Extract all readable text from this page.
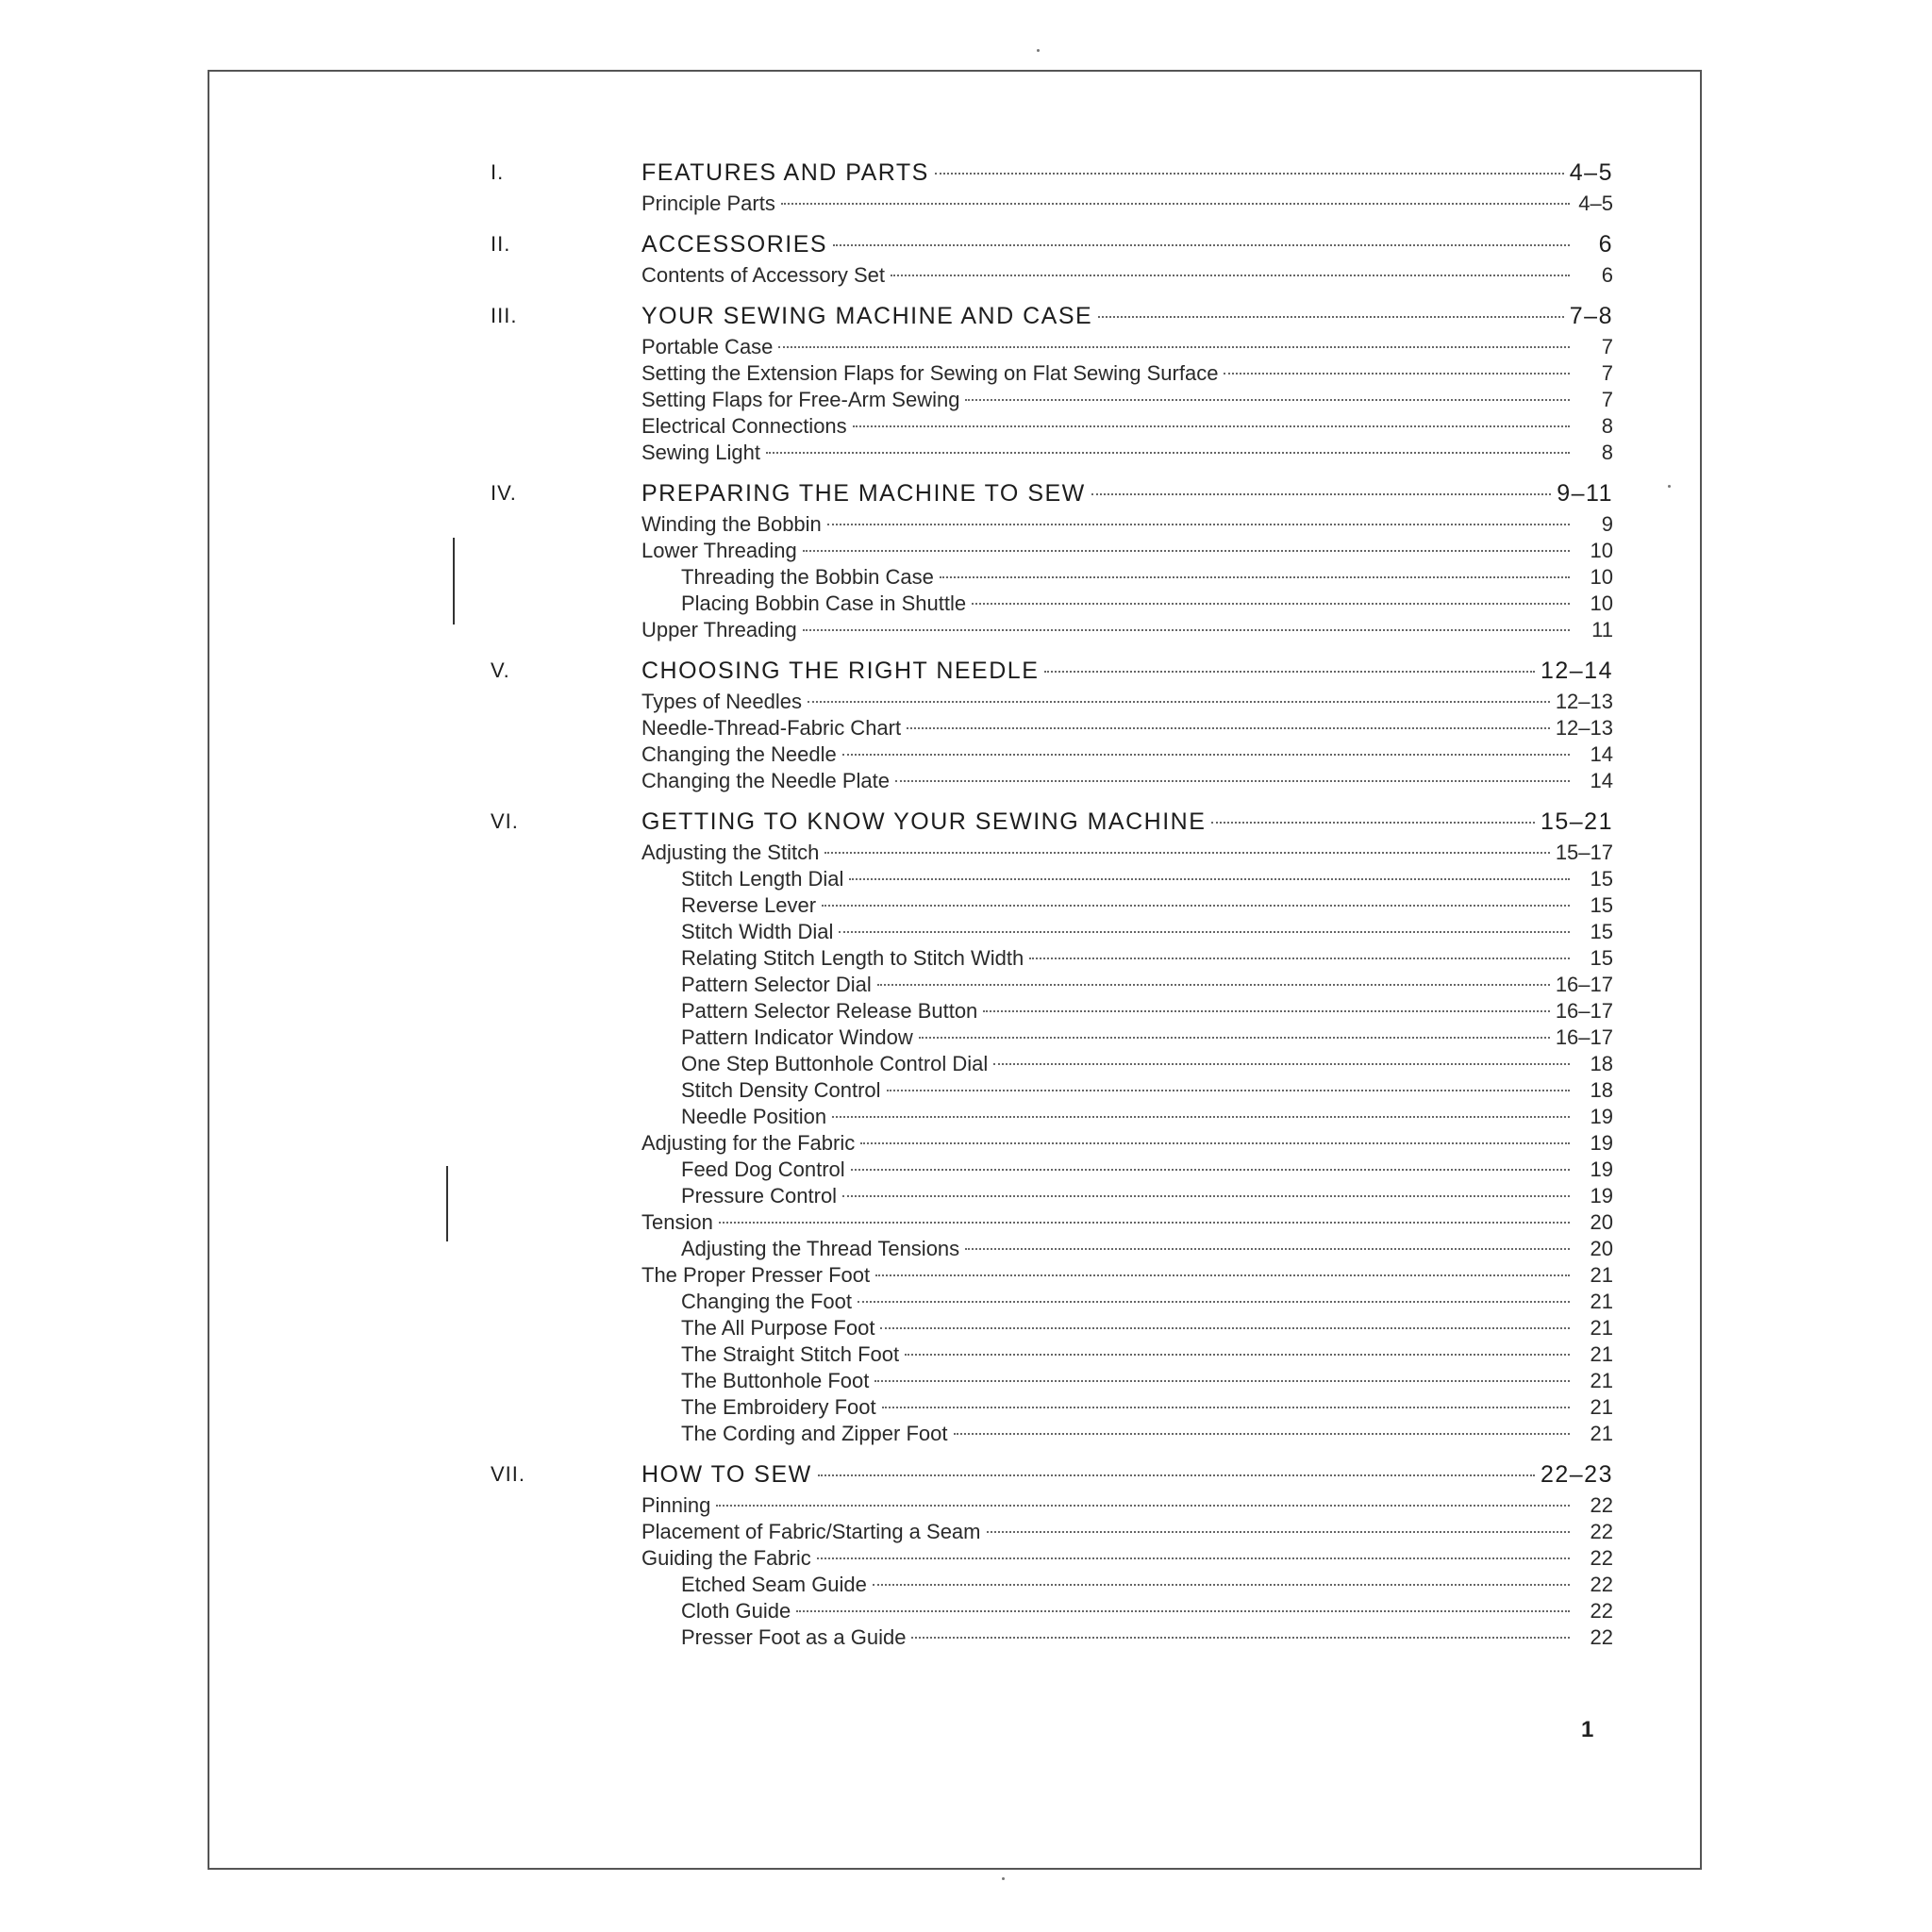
I.	FEATURES AND PARTS	4–5
Principle Parts	4–5
II.	ACCESSORIES	6
Contents of Accessory Set	6
III.	YOUR SEWING MACHINE AND CASE	7–8
Portable Case	7
Setting the Extension Flaps for Sewing on Flat Sewing Surface	7
Setting Flaps for Free-Arm Sewing	7
Electrical Connections	8
Sewing Light	8
IV.	PREPARING THE MACHINE TO SEW	9–11
Winding the Bobbin	9
Lower Threading	10
Threading the Bobbin Case	10
Placing Bobbin Case in Shuttle	10
Upper Threading	11
V.	CHOOSING THE RIGHT NEEDLE	12–14
Types of Needles	12–13
Needle-Thread-Fabric Chart	12–13
Changing the Needle	14
Changing the Needle Plate	14
VI.	GETTING TO KNOW YOUR SEWING MACHINE	15–21
Adjusting the Stitch	15–17
Stitch Length Dial	15
Reverse Lever	15
Stitch Width Dial	15
Relating Stitch Length to Stitch Width	15
Pattern Selector Dial	16–17
Pattern Selector Release Button	16–17
Pattern Indicator Window	16–17
One Step Buttonhole Control Dial	18
Stitch Density Control	18
Needle Position	19
Adjusting for the Fabric	19
Feed Dog Control	19
Pressure Control	19
Tension	20
Adjusting the Thread Tensions	20
The Proper Presser Foot	21
Changing the Foot	21
The All Purpose Foot	21
The Straight Stitch Foot	21
The Buttonhole Foot	21
The Embroidery Foot	21
The Cording and Zipper Foot	21
VII.	HOW TO SEW	22–23
Pinning	22
Placement of Fabric/Starting a Seam	22
Guiding the Fabric	22
Etched Seam Guide	22
Cloth Guide	22
Presser Foot as a Guide	22
1
